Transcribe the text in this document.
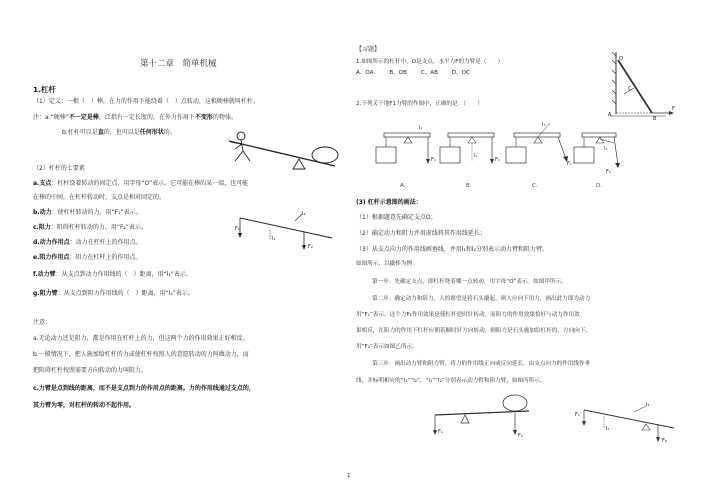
第十二章　简单机械
1.杠杆
（1）定义：一根（　）棒，在力的作用下能绕着（　）点转动，这根硬棒就叫杠杆。
注：a.“硬棒”不一定是棒，泛指有一定长度的，在外力作用下不变形的物体。
b.杠杆可以是直的，也可以是任何形状的。
（2）杠杆的七要素
a.支点：杠杆绕着转动的固定点，用字母“O”表示。它可能在棒的某一端，也可能
在棒的中间，在杠杆转动时，支点是相对固定的。
b.动力：使杠杆转动的力，用“F₁”表示。
c.阻力：阻碍杠杆转动的力，用“F₂”表示。
d.动力作用点：动力在杠杆上的作用点。
e.阻力作用点：阻力在杠杆上的作用点。
f.动力臂：从支点到动力作用线的（　）距离，用“l₁”表示。
g.阻力臂：从支点到阻力作用线的（　）距离，用“l₂”表示。
F₁
l₁
l₂
F₂
注意：
a.无论动力还是阻力，都是作用在杠杆上的力，但这两个力的作用效果正好相反。
b.一般情况下，把人施加给杠杆的力或使杠杆按照人的意愿转动的力叫做动力，而
把阻碍杠杆按照需要方向转动的力叫阻力。
c.力臂是点到线的距离，而不是支点到力的作用点的距离。力的作用线通过支点的，
其力臂为零，对杠杆的转动不起作用。
【习题】
1.如图所示的杠杆中，O是支点，水平力F的力臂是（　　）
A、OA	B、OB C、AB D、OC
O
C
A
B
F
2.下列关于地F1力臂的作图中，正确的是：（　　）
l₁
F₁
A.
l₁
F₁
B.
l₁
F₁
C.
l₁
F₁
D.
(3) 杠杆示意图的画法：
（1）根据题意先确定支点O；
（2）确定动力和阻力并用虚线将其作用线延长；
（3）从支点向力的作用线画垂线，并用l₁和l₂分别表示动力臂和阻力臂。
如图所示，以撬棒为例：
第一步：先确定支点，即杠杆绕着哪一点转动，用字母“O”表示。如图甲所示。
第二步：确定动力和阻力。人的愿望是将石头撬起，则人应向下用力，画出此力即为动力
用“F₁”表示。这个力F₁作用效果是使杠杆逆时针转动。而阻力的作用效果恰好与动力作用效
果相反，在阻力的作用下杠杆应朝着顺时针方向转动，则阻力是石头施加给杠杆的、方向向下，
用“F₂”表示如图乙所示。
第三步：画出动力臂和阻力臂，将力的作用线正向或反向延长，由支点向力的作用线作垂
线，并标明相应的“l₁”“l₂”，“l₁”“l₂”分别表示动力臂和阻力臂，如图丙所示。
F₁
F₂
F₁
l₁
l₂
F₂
1
